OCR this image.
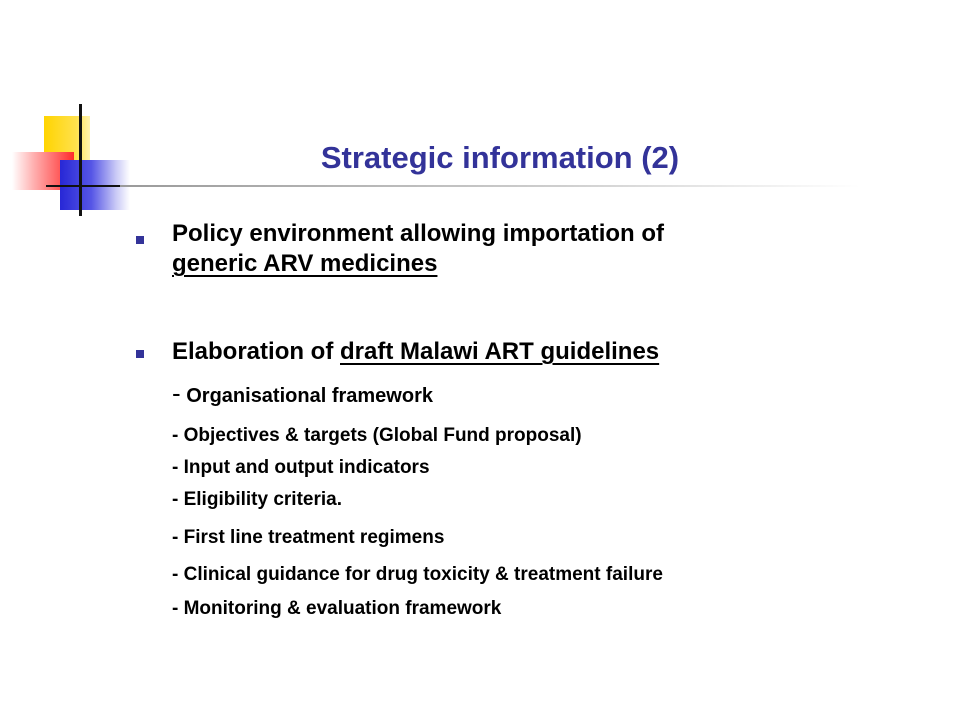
Strategic information (2)
Policy environment allowing importation of
generic ARV medicines
Elaboration of draft Malawi ART guidelines
- Organisational framework
- Objectives & targets (Global Fund proposal)
- Input and output indicators
- Eligibility criteria.
- First line treatment regimens
- Clinical guidance for drug toxicity & treatment failure
- Monitoring & evaluation framework
